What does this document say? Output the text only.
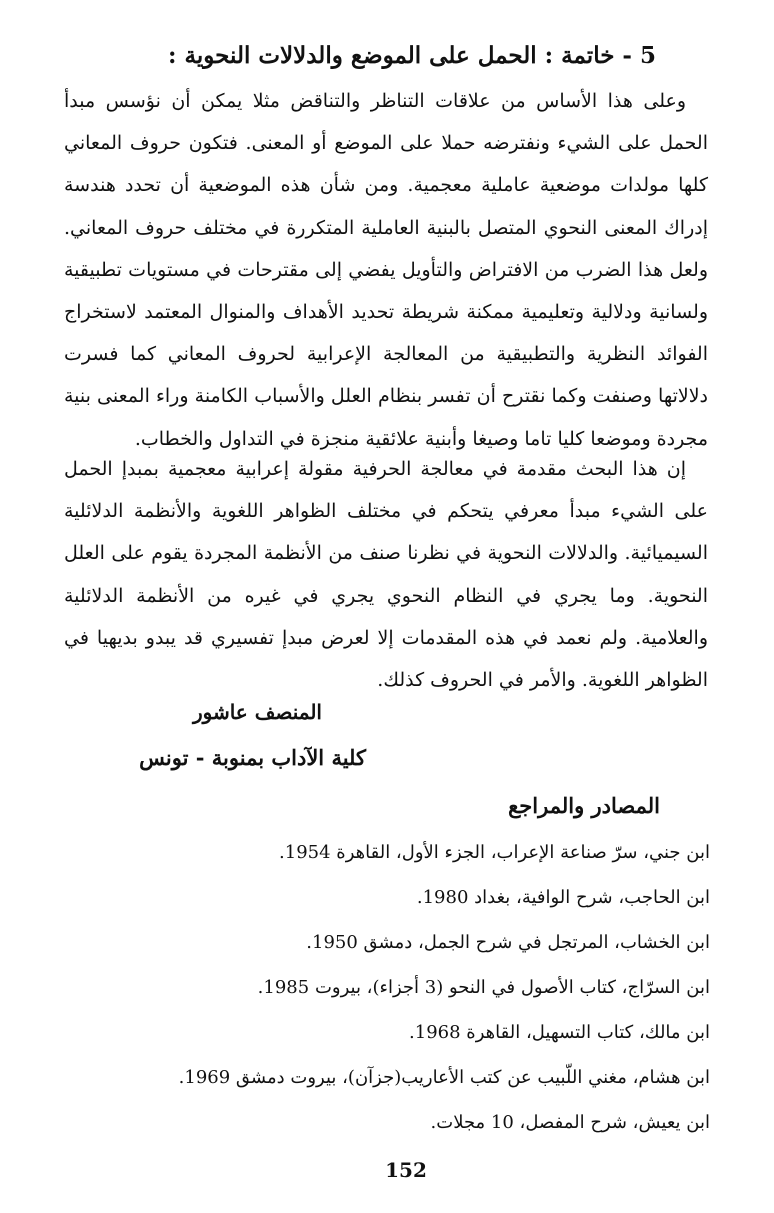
5 - خاتمة : الحمل على الموضع والدلالات النحوية :
وعلى هذا الأساس من علاقات التناظر والتناقض مثلا يمكن أن نؤسس مبدأ الحمل على الشيء ونفترضه حملا على الموضع أو المعنى. فتكون حروف المعاني كلها مولدات موضعية عاملية معجمية. ومن شأن هذه الموضعية أن تحدد هندسة إدراك المعنى النحوي المتصل بالبنية العاملية المتكررة في مختلف حروف المعاني. ولعل هذا الضرب من الافتراض والتأويل يفضي إلى مقترحات في مستويات تطبيقية ولسانية ودلالية وتعليمية ممكنة شريطة تحديد الأهداف والمنوال المعتمد لاستخراج الفوائد النظرية والتطبيقية من المعالجة الإعرابية لحروف المعاني كما فسرت دلالاتها وصنفت وكما نقترح أن تفسر بنظام العلل والأسباب الكامنة وراء المعنى بنية مجردة وموضعا كليا تاما وصيغا وأبنية علائقية منجزة في التداول والخطاب.
إن هذا البحث مقدمة في معالجة الحرفية مقولة إعرابية معجمية بمبدإ الحمل على الشيء مبدأ معرفي يتحكم في مختلف الظواهر اللغوية والأنظمة الدلائلية السيميائية. والدلالات النحوية في نظرنا صنف من الأنظمة المجردة يقوم على العلل النحوية. وما يجري في النظام النحوي يجري في غيره من الأنظمة الدلائلية والعلامية. ولم نعمد في هذه المقدمات إلا لعرض مبدإ تفسيري قد يبدو بديهيا في الظواهر اللغوية. والأمر في الحروف كذلك.
المنصف عاشور
كلية الآداب بمنوبة - تونس
المصادر والمراجع
ابن جني، سرّ صناعة الإعراب، الجزء الأول، القاهرة 1954.
ابن الحاجب، شرح الوافية، بغداد 1980.
ابن الخشاب، المرتجل في شرح الجمل، دمشق 1950.
ابن السرّاج، كتاب الأصول في النحو (3 أجزاء)، بيروت 1985.
ابن مالك، كتاب التسهيل، القاهرة 1968.
ابن هشام، مغني اللّبيب عن كتب الأعاريب(جزآن)، بيروت دمشق 1969.
ابن يعيش، شرح المفصل، 10 مجلات.
152
